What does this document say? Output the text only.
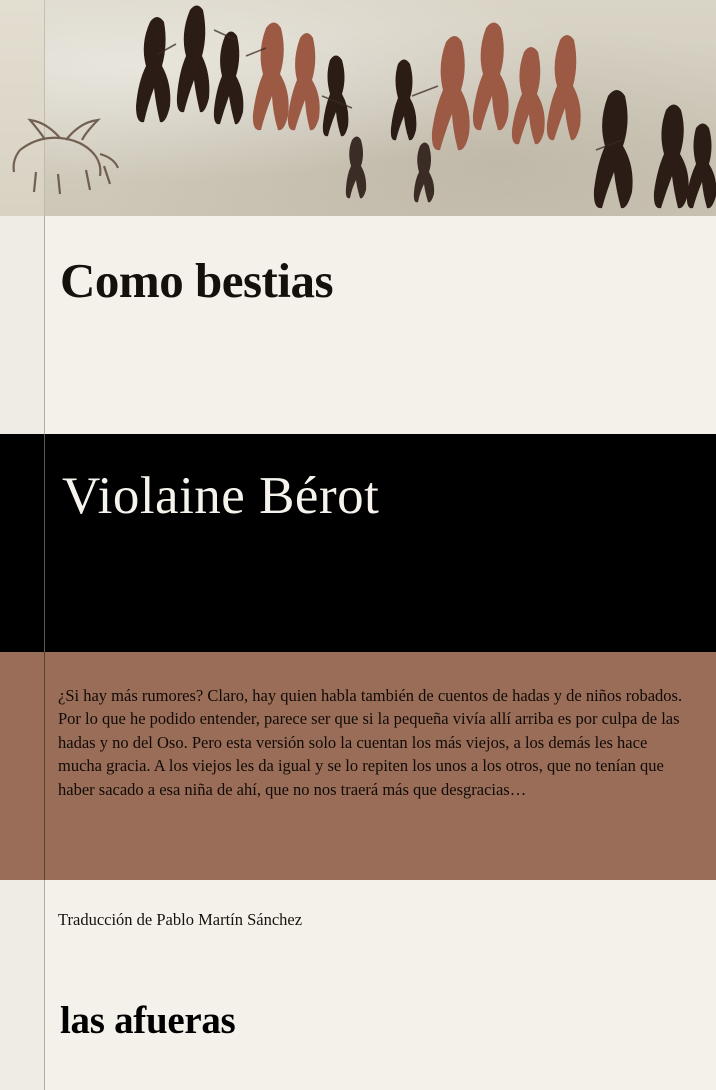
Como bestias
Violaine Bérot
¿Si hay más rumores? Claro, hay quien habla también de cuentos de hadas y de niños robados. Por lo que he podido entender, parece ser que si la pequeña vivía allí arriba es por culpa de las hadas y no del Oso. Pero esta versión solo la cuentan los más viejos, a los demás les hace mucha gracia. A los viejos les da igual y se lo repiten los unos a los otros, que no tenían que haber sacado a esa niña de ahí, que no nos traerá más que desgracias…
Traducción de Pablo Martín Sánchez
las afueras
